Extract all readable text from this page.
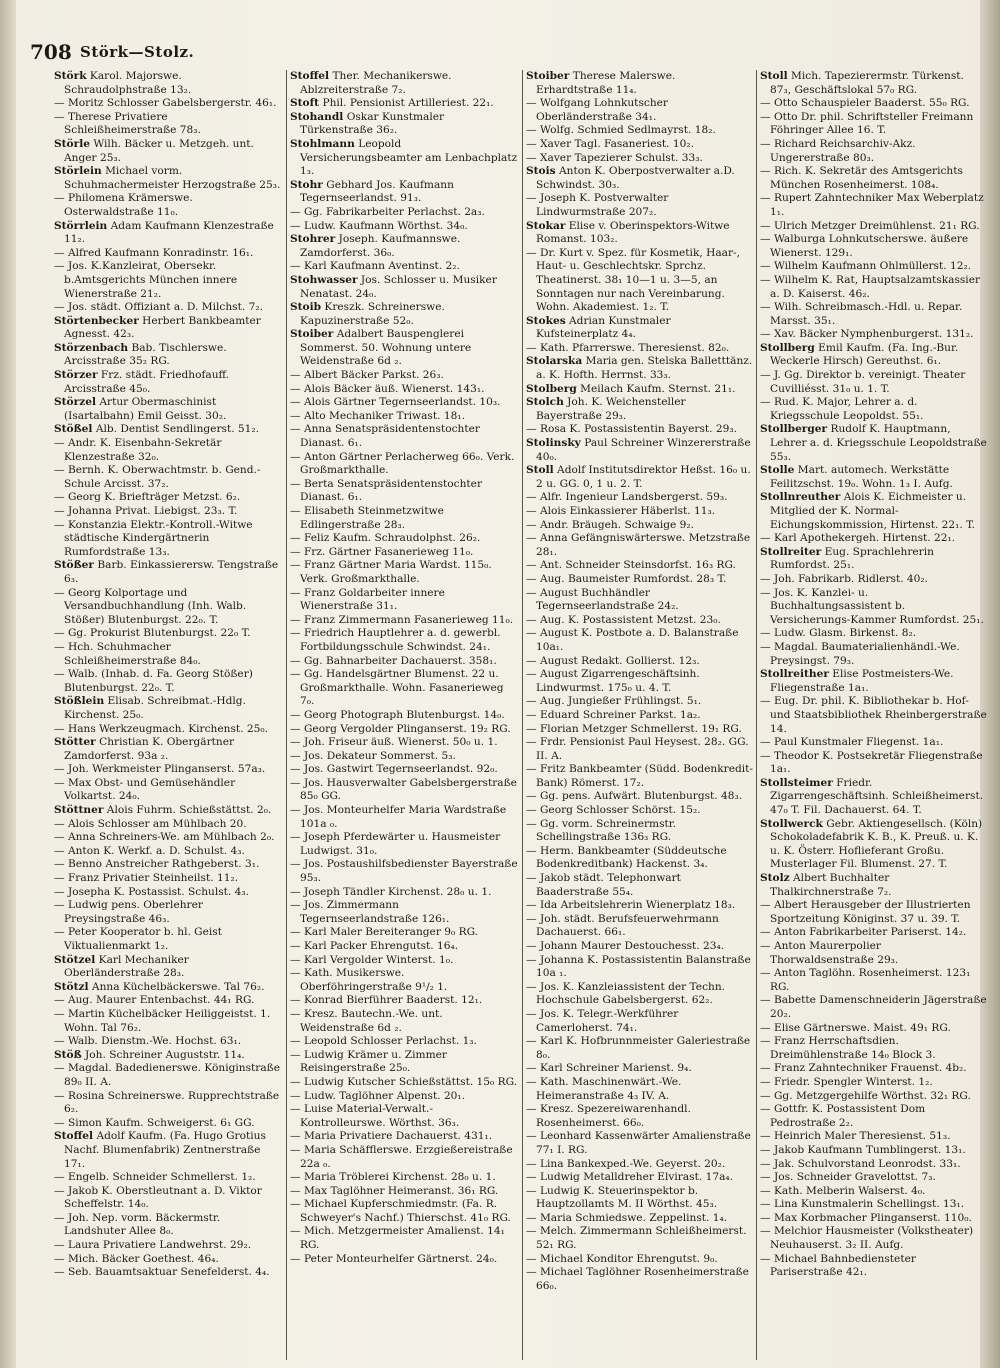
708 Störk—Stolz.

Störk Karol. Majorswe. Schraudolphstraße 13₂.

— Moritz Schlosser Gabelsbergerstr. 46₁.

— Therese Privatiere Schleißheimerstraße 78₃.

Störle Wilh. Bäcker u. Metzgeh. unt. Anger 25₃.

Störlein Michael vorm. Schuhmachermeister Herzogstraße 25₃.

— Philomena Krämerswe. Osterwaldstraße 11₀.

Störrlein Adam Kaufmann Klenzestraße 11₂.

— Alfred Kaufmann Konradinstr. 16₁.

— Jos. K.Kanzleirat, Obersekr. b.Amtsgerichts München innere Wienerstraße 21₂.

— Jos. städt. Offiziant a. D. Milchst. 7₂.

Störtenbecker Herbert Bankbeamter Agnesst. 42₃.

Störzenbach Bab. Tischlerswe. Arcisstraße 35₂ RG.

Störzer Frz. städt. Friedhofauff. Arcisstraße 45₀.

Störzel Artur Obermaschinist (Isartalbahn) Emil Geisst. 30₂.

Stößel Alb. Dentist Sendlingerst. 51₂.

— Andr. K. Eisenbahn-Sekretär Klenzestraße 32₀.

— Bernh. K. Oberwachtmstr. b. Gend.-Schule Arcisst. 37₂.

— Georg K. Briefträger Metzst. 6₂.

— Johanna Privat. Liebigst. 23₃. T.

— Konstanzia Elektr.-Kontroll.-Witwe städtische Kindergärtnerin Rumfordstraße 13₃.

Stößer Barb. Einkassierersw. Tengstraße 6₃.

— Georg Kolportage und Versandbuchhandlung (Inh. Walb. Stößer) Blutenburgst. 22₀. T.

— Gg. Prokurist Blutenburgst. 22₀ T.

— Hch. Schuhmacher Schleißheimerstraße 84₀.

— Walb. (Inhab. d. Fa. Georg Stößer) Blutenburgst. 22₀. T.

Stößlein Elisab. Schreibmat.-Hdlg. Kirchenst. 25₀.

— Hans Werkzeugmach. Kirchenst. 25₀.

Stötter Christian K. Obergärtner Zamdorferst. 93a ₂.

— Joh. Werkmeister Plinganserst. 57a₃.

— Max Obst- und Gemüsehändler Volkartst. 24₀.

Stöttner Alois Fuhrm. Schießstättst. 2₀.

— Alois Schlosser am Mühlbach 20.

— Anna Schreiners-We. am Mühlbach 2₀.

— Anton K. Werkf. a. D. Schulst. 4₃.

— Benno Anstreicher Rathgeberst. 3₁.

— Franz Privatier Steinheilst. 11₂.

— Josepha K. Postassist. Schulst. 4₃.

— Ludwig pens. Oberlehrer Preysingstraße 46₃.

— Peter Kooperator b. hl. Geist Viktualienmarkt 1₂.

Stötzel Karl Mechaniker Oberländerstraße 28₃.

Stötzl Anna Küchelbäckerswe. Tal 76₂.

— Aug. Maurer Entenbachst. 44₁ RG.

— Martin Küchelbäcker Heiliggeistst. 1. Wohn. Tal 76₂.

— Walb. Dienstm.-We. Hochst. 63₁.

Stöß Joh. Schreiner Auguststr. 11₄.

— Magdal. Badedienerswe. Königinstraße 89₀ II. A.

— Rosina Schreinerswe. Rupprechtstraße 6₂.

— Simon Kaufm. Schweigerst. 6₁ GG.

Stoffel Adolf Kaufm. (Fa. Hugo Grotius Nachf. Blumenfabrik) Zentnerstraße 17₁.

— Engelb. Schneider Schmellerst. 1₂.

— Jakob K. Oberstleutnant a. D. Viktor Scheffelstr. 14₀.

— Joh. Nep. vorm. Bäckermstr. Landshuter Allee 8₀.

— Laura Privatiere Landwehrst. 29₂.

— Mich. Bäcker Goethest. 46₄.

— Seb. Bauamtsaktuar Senefelderst. 4₄.

Stoffel Ther. Mechanikerswe. Ablzreiterstraße 7₂.

Stoft Phil. Pensionist Artilleriest. 22₁.

Stohandl Oskar Kunstmaler Türkenstraße 36₂.

Stohlmann Leopold Versicherungsbeamter am Lenbachplatz 1₃.

Stohr Gebhard Jos. Kaufmann Tegernseerlandst. 91₃.

— Gg. Fabrikarbeiter Perlachst. 2a₃.

— Ludw. Kaufmann Wörthst. 34₀.

Stohrer Joseph. Kaufmannswe. Zamdorferst. 36₀.

— Karl Kaufmann Aventinst. 2₂.

Stohwasser Jos. Schlosser u. Musiker Nenatast. 24₀.

Stoib Kreszk. Schreinerswe. Kapuzinerstraße 52₀.

Stoiber Adalbert Bauspenglerei Sommerst. 50. Wohnung untere Weidenstraße 6d ₂.

— Albert Bäcker Parkst. 26₃.

— Alois Bäcker äuß. Wienerst. 143₁.

— Alois Gärtner Tegernseerlandst. 10₃.

— Alto Mechaniker Triwast. 18₁.

— Anna Senatspräsidentenstochter Dianast. 6₁.

— Anton Gärtner Perlacherweg 66₀. Verk. Großmarkthalle.

— Berta Senatspräsidentenstochter Dianast. 6₁.

— Elisabeth Steinmetzwitwe Edlingerstraße 28₃.

— Feliz Kaufm. Schraudolphst. 26₂.

— Frz. Gärtner Fasanerieweg 11₀.

— Franz Gärtner Maria Wardst. 115₀. Verk. Großmarkthalle.

— Franz Goldarbeiter innere Wienerstraße 31₁.

— Franz Zimmermann Fasanerieweg 11₀.

— Friedrich Hauptlehrer a. d. gewerbl. Fortbildungsschule Schwindst. 24₁.

— Gg. Bahnarbeiter Dachauerst. 358₁.

— Gg. Handelsgärtner Blumenst. 22 u. Großmarkthalle. Wohn. Fasanerieweg 7₀.

— Georg Photograph Blutenburgst. 14₀.

— Georg Vergolder Plinganserst. 19₂ RG.

— Joh. Friseur äuß. Wienerst. 50₀ u. 1.

— Jos. Dekateur Sommerst. 5₃.

— Jos. Gastwirt Tegernseerlandst. 92₀.

— Jos. Hausverwalter Gabelsbergerstraße 85₀ GG.

— Jos. Monteurhelfer Maria Wardstraße 101a ₀.

— Joseph Pferdewärter u. Hausmeister Ludwigst. 31₀.

— Jos. Postaushilfsbedienster Bayerstraße 95₃.

— Joseph Tändler Kirchenst. 28₀ u. 1.

— Jos. Zimmermann Tegernseerlandstraße 126₁.

— Karl Maler Bereiteranger 9₀ RG.

— Karl Packer Ehrengutst. 16₄.

— Karl Vergolder Winterst. 1₀.

— Kath. Musikerswe. Oberföhringerstraße 9¹/₂ 1.

— Konrad Bierführer Baaderst. 12₁.

— Kresz. Bautechn.-We. unt. Weidenstraße 6d ₂.

— Leopold Schlosser Perlachst. 1₃.

— Ludwig Krämer u. Zimmer Reisingerstraße 25₀.

— Ludwig Kutscher Schießstättst. 15₀ RG.

— Ludw. Taglöhner Alpenst. 20₁.

— Luise Material-Verwalt.-Kontrolleurswe. Wörthst. 36₃.

— Maria Privatiere Dachauerst. 431₁.

— Maria Schäfflerswe. Erzgießereistraße 22a ₀.

— Maria Tröblerei Kirchenst. 28₀ u. 1.

— Max Taglöhner Heimeranst. 36₁ RG.

— Michael Kupferschmiedmstr. (Fa. R. Schweyer's Nachf.) Thierschst. 41₀ RG.

— Mich. Metzgermeister Amalienst. 14₁ RG.

— Peter Monteurhelfer Gärtnerst. 24₀.

Stoiber Therese Malerswe. Erhardtstraße 11₄.

— Wolfgang Lohnkutscher Oberländerstraße 34₁.

— Wolfg. Schmied Sedlmayrst. 18₂.

— Xaver Tagl. Fasaneriest. 10₂.

— Xaver Tapezierer Schulst. 33₃.

Stois Anton K. Oberpostverwalter a.D. Schwindst. 30₃.

— Joseph K. Postverwalter Lindwurmstraße 207₂.

Stokar Elise v. Oberinspektors-Witwe Romanst. 103₂.

— Dr. Kurt v. Spez. für Kosmetik, Haar-, Haut- u. Geschlechtskr. Sprchz. Theatinerst. 38₁ 10—1 u. 3—5, an Sonntagen nur nach Vereinbarung. Wohn. Akademiest. 1₂. T.

Stokes Adrian Kunstmaler Kufsteinerplatz 4₄.

— Kath. Pfarrerswe. Theresienst. 82₀.

Stolarska Maria gen. Stelska Balletttänz. a. K. Hofth. Herrnst. 33₃.

Stolberg Meilach Kaufm. Sternst. 21₁.

Stolch Joh. K. Weichensteller Bayerstraße 29₃.

— Rosa K. Postassistentin Bayerst. 29₃.

Stolinsky Paul Schreiner Winzererstraße 40₀.

Stoll Adolf Institutsdirektor Heßst. 16₀ u. 2 u. GG. 0, 1 u. 2. T.

— Alfr. Ingenieur Landsbergerst. 59₃.

— Alois Einkassierer Häberlst. 11₃.

— Andr. Bräugeh. Schwaige 9₂.

— Anna Gefängniswärterswe. Metzstraße 28₁.

— Ant. Schneider Steinsdorfst. 16₃ RG.

— Aug. Baumeister Rumfordst. 28₃ T.

— August Buchhändler Tegernseerlandstraße 24₂.

— Aug. K. Postassistent Metzst. 23₀.

— August K. Postbote a. D. Balanstraße 10a₁.

— August Redakt. Gollierst. 12₃.

— August Zigarrengeschäftsinh. Lindwurmst. 175₀ u. 4. T.

— Aug. Jungießer Frühlingst. 5₁.

— Eduard Schreiner Parkst. 1a₂.

— Florian Metzger Schmellerst. 19₁ RG.

— Frdr. Pensionist Paul Heysest. 28₂. GG. II. A.

— Fritz Bankbeamter (Südd. Bodenkredit-Bank) Römerst. 17₂.

— Gg. pens. Aufwärt. Blutenburgst. 48₃.

— Georg Schlosser Schörst. 15₂.

— Gg. vorm. Schreinermstr. Schellingstraße 136₃ RG.

— Herm. Bankbeamter (Süddeutsche Bodenkreditbank) Hackenst. 3₄.

— Jakob städt. Telephonwart Baaderstraße 55₄.

— Ida Arbeitslehrerin Wienerplatz 18₃.

— Joh. städt. Berufsfeuerwehrmann Dachauerst. 66₁.

— Johann Maurer Destouchesst. 23₄.

— Johanna K. Postassistentin Balanstraße 10a ₁.

— Jos. K. Kanzleiassistent der Techn. Hochschule Gabelsbergerst. 62₂.

— Jos. K. Telegr.-Werkführer Camerloherst. 74₁.

— Karl K. Hofbrunnmeister Galeriestraße 8₀.

— Karl Schreiner Marienst. 9₄.

— Kath. Maschinenwärt.-We. Heimeranstraße 4₃ IV. A.

— Kresz. Spezereiwarenhandl. Rosenheimerst. 66₀.

— Leonhard Kassenwärter Amalienstraße 77₁ I. RG.

— Lina Bankexped.-We. Geyerst. 20₂.

— Ludwig Metalldreher Elvirast. 17a₄.

— Ludwig K. Steuerinspektor b. Hauptzollamts M. II Wörthst. 45₃.

— Maria Schmiedswe. Zeppelinst. 1₄.

— Melch. Zimmermann Schleißheimerst. 52₁ RG.

— Michael Konditor Ehrengutst. 9₀.

— Michael Taglöhner Rosenheimerstraße 66₀.

Stoll Mich. Tapezierermstr. Türkenst. 87₃, Geschäftslokal 57₀ RG.

— Otto Schauspieler Baaderst. 55₀ RG.

— Otto Dr. phil. Schriftsteller Freimann Föhringer Allee 16. T.

— Richard Reichsarchiv-Akz. Ungererstraße 80₃.

— Rich. K. Sekretär des Amtsgerichts München Rosenheimerst. 108₄.

— Rupert Zahntechniker Max Weberplatz 1₁.

— Ulrich Metzger Dreimühlenst. 21₁ RG.

— Walburga Lohnkutscherswe. äußere Wienerst. 129₁.

— Wilhelm Kaufmann Ohlmüllerst. 12₂.

— Wilhelm K. Rat, Hauptsalzamtskassier a. D. Kaiserst. 46₂.

— Wilh. Schreibmasch.-Hdl. u. Repar. Marsst. 35₁.

— Xav. Bäcker Nymphenburgerst. 131₂.

Stollberg Emil Kaufm. (Fa. Ing.-Bur. Weckerle Hirsch) Gereuthst. 6₁.

— J. Gg. Direktor b. vereinigt. Theater Cuvilliésst. 31₀ u. 1. T.

— Rud. K. Major, Lehrer a. d. Kriegsschule Leopoldst. 55₁.

Stollberger Rudolf K. Hauptmann, Lehrer a. d. Kriegsschule Leopoldstraße 55₃.

Stolle Mart. automech. Werkstätte Feilitzschst. 19₀. Wohn. 1₃ I. Aufg.

Stollnreuther Alois K. Eichmeister u. Mitglied der K. Normal-Eichungskommission, Hirtenst. 22₁. T.

— Karl Apothekergeh. Hirtenst. 22₁.

Stollreiter Eug. Sprachlehrerin Rumfordst. 25₁.

— Joh. Fabrikarb. Ridlerst. 40₂.

— Jos. K. Kanzlei- u. Buchhaltungsassistent b. Versicherungs-Kammer Rumfordst. 25₁.

— Ludw. Glasm. Birkenst. 8₂.

— Magdal. Baumaterialienhändl.-We. Preysingst. 79₃.

Stollreither Elise Postmeisters-We. Fliegenstraße 1a₁.

— Eug. Dr. phil. K. Bibliothekar b. Hof- und Staatsbibliothek Rheinbergerstraße 14.

— Paul Kunstmaler Fliegenst. 1a₁.

— Theodor K. Postsekretär Fliegenstraße 1a₁.

Stollsteimer Friedr. Zigarrengeschäftsinh. Schleißheimerst. 47₀ T. Fil. Dachauerst. 64. T.

Stollwerck Gebr. Aktiengesellsch. (Köln) Schokoladefabrik K. B., K. Preuß. u. K. u. K. Österr. Hoflieferant Großu. Musterlager Fil. Blumenst. 27. T.

Stolz Albert Buchhalter Thalkirchnerstraße 7₂.

— Albert Herausgeber der Illustrierten Sportzeitung Königinst. 37 u. 39. T.

— Anton Fabrikarbeiter Pariserst. 14₂.

— Anton Maurerpolier Thorwaldsenstraße 29₃.

— Anton Taglöhn. Rosenheimerst. 123₁ RG.

— Babette Damenschneiderin Jägerstraße 20₂.

— Elise Gärtnerswe. Maist. 49₁ RG.

— Franz Herrschaftsdien. Dreimühlenstraße 14₀ Block 3.

— Franz Zahntechniker Frauenst. 4b₂.

— Friedr. Spengler Winterst. 1₂.

— Gg. Metzgergehilfe Wörthst. 32₁ RG.

— Gottfr. K. Postassistent Dom Pedrostraße 2₂.

— Heinrich Maler Theresienst. 51₃.

— Jakob Kaufmann Tumblingerst. 13₁.

— Jak. Schulvorstand Leonrodst. 33₁.

— Jos. Schneider Gravelottst. 7₃.

— Kath. Melberin Walserst. 4₀.

— Lina Kunstmalerin Schellingst. 13₁.

— Max Korbmacher Plinganserst. 110₀.

— Melchior Hausmeister (Volkstheater) Neuhauserst. 3₂ II. Aufg.

— Michael Bahnbediensteter Pariserstraße 42₁.
